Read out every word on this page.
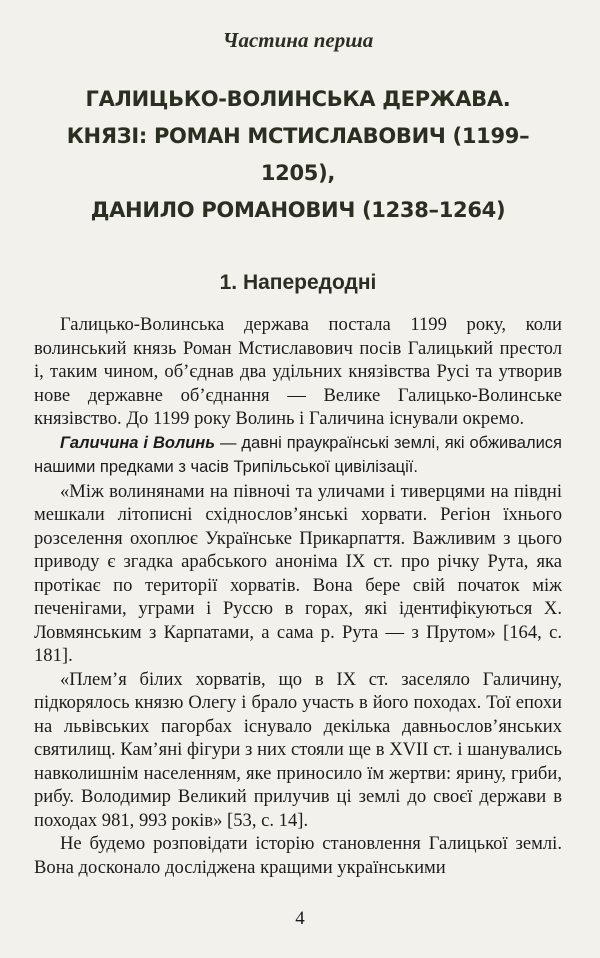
Частина перша
ГАЛИЦЬКО-ВОЛИНСЬКА ДЕРЖАВА.
КНЯЗІ: РОМАН МСТИСЛАВОВИЧ (1199–1205),
ДАНИЛО РОМАНОВИЧ (1238–1264)
1. Напередодні

Галицько-Волинська держава постала 1199 року, коли волинський князь Роман Мстиславович посів Галицький престол і, таким чином, об’єднав два удільних князівства Русі та утворив нове державне об’єднання — Велике Галицько-Волинське князівство. До 1199 року Волинь і Галичина існували окремо.

Галичина і Волинь — давні праукраїнські землі, які обживалися нашими предками з часів Трипільської цивілізації.

«Між волинянами на півночі та уличами і тиверцями на півдні мешкали літописні східнослов’янські хорвати. Регіон їхнього розселення охоплює Українське Прикарпаття. Важливим з цього приводу є згадка арабського аноніма IX ст. про річку Рута, яка протікає по території хорватів. Вона бере свій початок між печенігами, уграми і Руссю в горах, які ідентифікуються Х. Ловмянським з Карпатами, а сама р. Рута — з Прутом» [164, с. 181].

«Плем’я білих хорватів, що в IX ст. заселяло Галичину, підкорялось князю Олегу і брало участь в його походах. Тої епохи на львівських пагорбах існувало декілька давньослов’янських святилищ. Кам’яні фігури з них стояли ще в XVII ст. і шанувались навколишнім населенням, яке приносило їм жертви: ярину, гриби, рибу. Володимир Великий прилучив ці землі до своєї держави в походах 981, 993 років» [53, с. 14].

Не будемо розповідати історію становлення Галицької землі. Вона досконало досліджена кращими українськими

4
